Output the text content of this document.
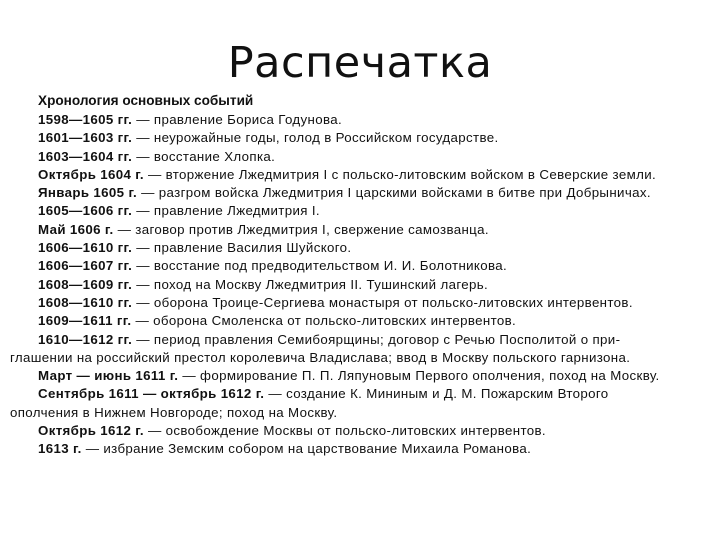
Распечатка
Хронология основных событий
1598—1605 гг. — правление Бориса Годунова.
1601—1603 гг. — неурожайные годы, голод в Российском государстве.
1603—1604 гг. — восстание Хлопка.
Октябрь 1604 г. — вторжение Лжедмитрия I с польско-литовским войском в Северские земли.
Январь 1605 г. — разгром войска Лжедмитрия I царскими войсками в битве при Добрыничах.
1605—1606 гг. — правление Лжедмитрия I.
Май 1606 г. — заговор против Лжедмитрия I, свержение самозванца.
1606—1610 гг. — правление Василия Шуйского.
1606—1607 гг. — восстание под предводительством И. И. Болотникова.
1608—1609 гг. — поход на Москву Лжедмитрия II. Тушинский лагерь.
1608—1610 гг. — оборона Троице-Сергиева монастыря от польско-литовских интервентов.
1609—1611 гг. — оборона Смоленска от польско-литовских интервентов.
1610—1612 гг. — период правления Семибоярщины; договор с Речью Посполитой о при-
глашении на российский престол королевича Владислава; ввод в Москву польского гарнизона.
Март — июнь 1611 г. — формирование П. П. Ляпуновым Первого ополчения, поход на Москву.
Сентябрь 1611 — октябрь 1612 г. — создание К. Мининым и Д. М. Пожарским Второго
ополчения в Нижнем Новгороде; поход на Москву.
Октябрь 1612 г. — освобождение Москвы от польско-литовских интервентов.
1613 г. — избрание Земским собором на царствование Михаила Романова.
